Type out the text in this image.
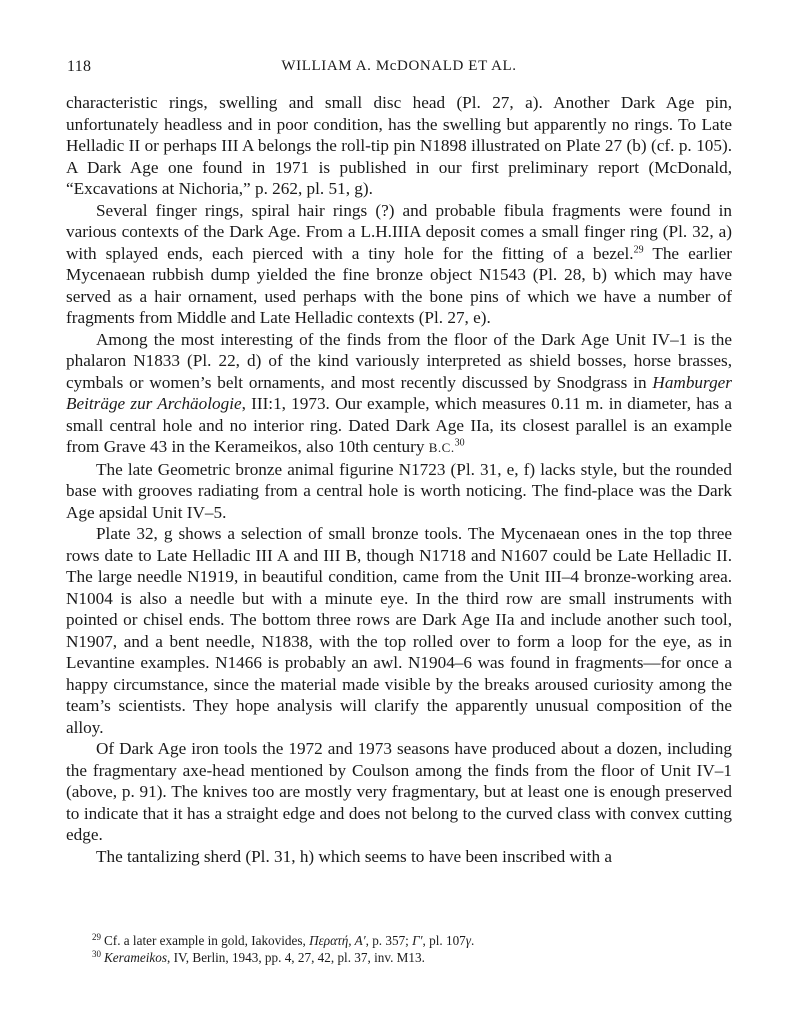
118	WILLIAM A. McDONALD ET AL.

characteristic rings, swelling and small disc head (Pl. 27, a). Another Dark Age pin, unfortunately headless and in poor condition, has the swelling but apparently no rings. To Late Helladic II or perhaps III A belongs the roll-tip pin N1898 illustrated on Plate 27 (b) (cf. p. 105). A Dark Age one found in 1971 is published in our first preliminary report (McDonald, “Excavations at Nichoria,” p. 262, pl. 51, g).

Several finger rings, spiral hair rings (?) and probable fibula fragments were found in various contexts of the Dark Age. From a L.H.IIIA deposit comes a small finger ring (Pl. 32, a) with splayed ends, each pierced with a tiny hole for the fitting of a bezel.$^{29}$ The earlier Mycenaean rubbish dump yielded the fine bronze object N1543 (Pl. 28, b) which may have served as a hair ornament, used perhaps with the bone pins of which we have a number of fragments from Middle and Late Helladic contexts (Pl. 27, e).

Among the most interesting of the finds from the floor of the Dark Age Unit IV–1 is the phalaron N1833 (Pl. 22, d) of the kind variously interpreted as shield bosses, horse brasses, cymbals or women’s belt ornaments, and most recently discussed by Snodgrass in Hamburger Beiträge zur Archäologie, III:1, 1973. Our example, which measures 0.11 m. in diameter, has a small central hole and no interior ring. Dated Dark Age IIa, its closest parallel is an example from Grave 43 in the Kerameikos, also 10th century B.C.$^{30}$

The late Geometric bronze animal figurine N1723 (Pl. 31, e, f) lacks style, but the rounded base with grooves radiating from a central hole is worth noticing. The find-place was the Dark Age apsidal Unit IV–5.

Plate 32, g shows a selection of small bronze tools. The Mycenaean ones in the top three rows date to Late Helladic III A and III B, though N1718 and N1607 could be Late Helladic II. The large needle N1919, in beautiful condition, came from the Unit III–4 bronze-working area. N1004 is also a needle but with a minute eye. In the third row are small instruments with pointed or chisel ends. The bottom three rows are Dark Age IIa and include another such tool, N1907, and a bent needle, N1838, with the top rolled over to form a loop for the eye, as in Levantine examples. N1466 is probably an awl. N1904–6 was found in fragments—for once a happy circumstance, since the material made visible by the breaks aroused curiosity among the team’s scientists. They hope analysis will clarify the apparently unusual composition of the alloy.

Of Dark Age iron tools the 1972 and 1973 seasons have produced about a dozen, including the fragmentary axe-head mentioned by Coulson among the finds from the floor of Unit IV–1 (above, p. 91). The knives too are mostly very fragmentary, but at least one is enough preserved to indicate that it has a straight edge and does not belong to the curved class with convex cutting edge.

The tantalizing sherd (Pl. 31, h) which seems to have been inscribed with a

$^{29}$ Cf. a later example in gold, Iakovides, Περατή, Α′, p. 357; Γ′, pl. 107γ.

$^{30}$ Kerameikos, IV, Berlin, 1943, pp. 4, 27, 42, pl. 37, inv. M13.
